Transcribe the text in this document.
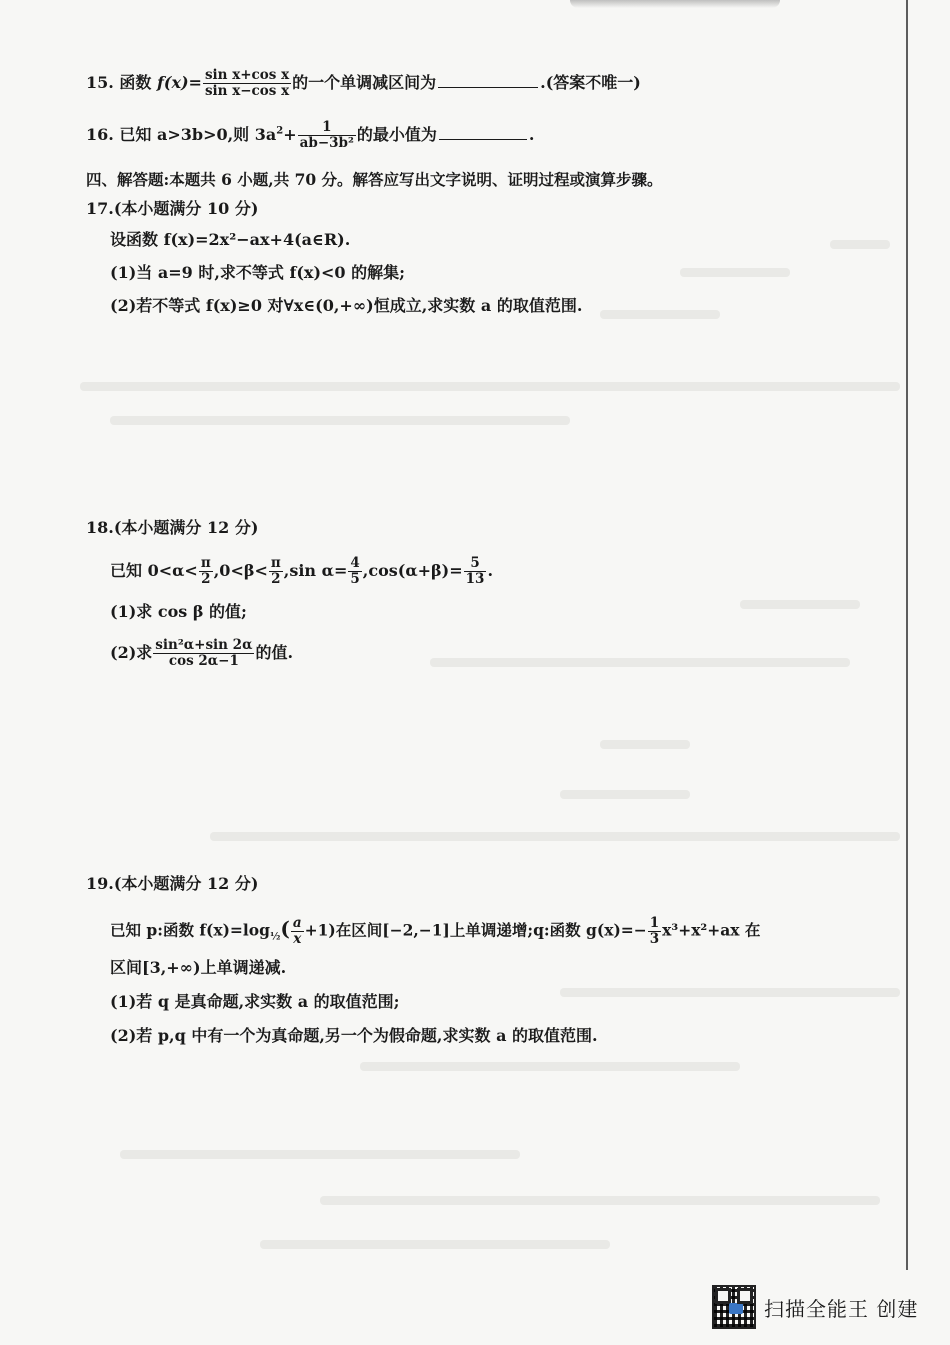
15. 函数 $f(x)= \frac{\text{sin x+cos x}}{\text{sin x−cos x}}$ 的一个单调减区间为	.(答案不唯一)
16. 已知 a>3b>0,则 $3a^2+ \frac{1}{\text{ab−3b²}}$ 的最小值为	.
四、解答题:本题共 6 小题,共 70 分。解答应写出文字说明、证明过程或演算步骤。
17.(本小题满分 10 分)
设函数 f(x)=2x²−ax+4(a∈R).
(1)当 a=9 时,求不等式 f(x)<0 的解集;
(2)若不等式 f(x)≥0 对∀x∈(0,+∞)恒成立,求实数 a 的取值范围.
18.(本小题满分 12 分)
已知 $0<\alpha< \frac{\pi}{2} ,0<\beta< \frac{\pi}{2} ,\sin$ $\alpha= \frac{4}{5} ,\cos(\alpha+\beta)= \frac{5}{13}$ .
(1)求 cos β 的值;
(2)求 $\frac{\text{sin²α+sin 2α}}{\cos 2\alpha-1}$ 的值.
19.(本小题满分 12 分)
已知 p:函数 $f(x)=\log_{\frac{1}{2}}( \frac{a}{x} +1)$在区间[−2,−1]上单调递增;q:函数 $g(x)=- \frac{1}{3} x^3+x^2+ax$ 在
区间[3,+∞)上单调递减.
(1)若 q 是真命题,求实数 a 的取值范围;
(2)若 p,q 中有一个为真命题,另一个为假命题,求实数 a 的取值范围.
扫描全能王 创建
